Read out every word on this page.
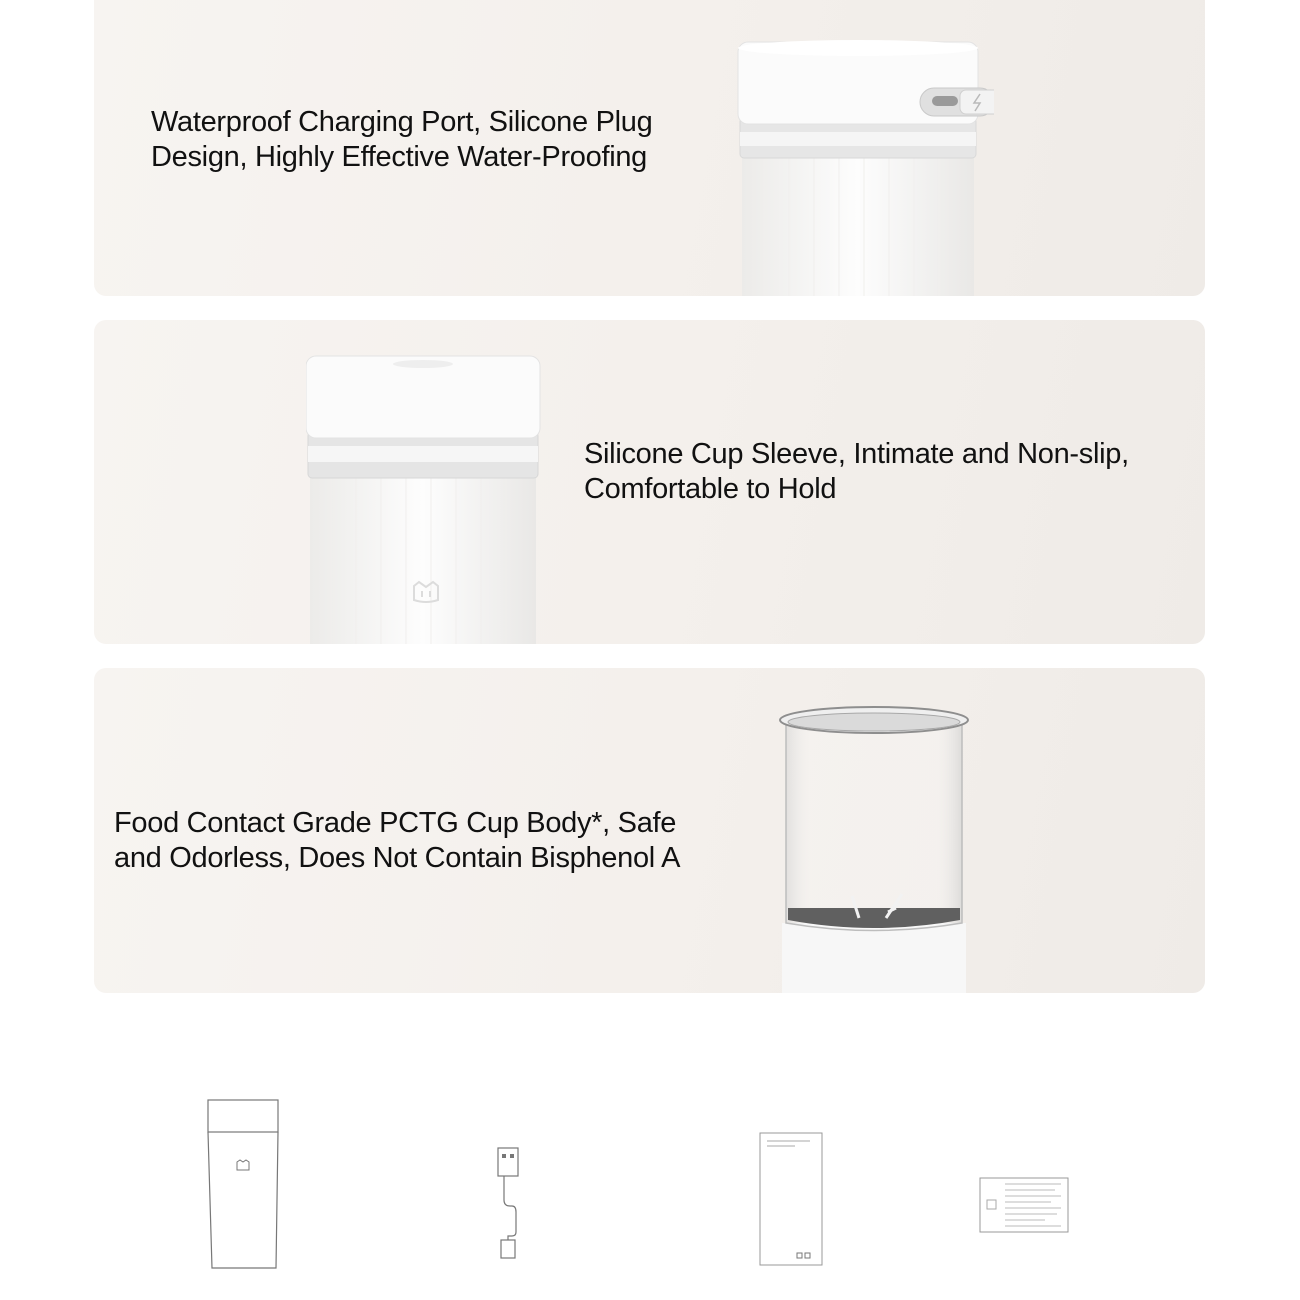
Waterproof Charging Port, Silicone Plug
Design, Highly Effective Water-Proofing
Silicone Cup Sleeve, Intimate and Non-slip,
Comfortable to Hold
Food Contact Grade PCTG Cup Body*, Safe
and Odorless, Does Not Contain Bisphenol A
